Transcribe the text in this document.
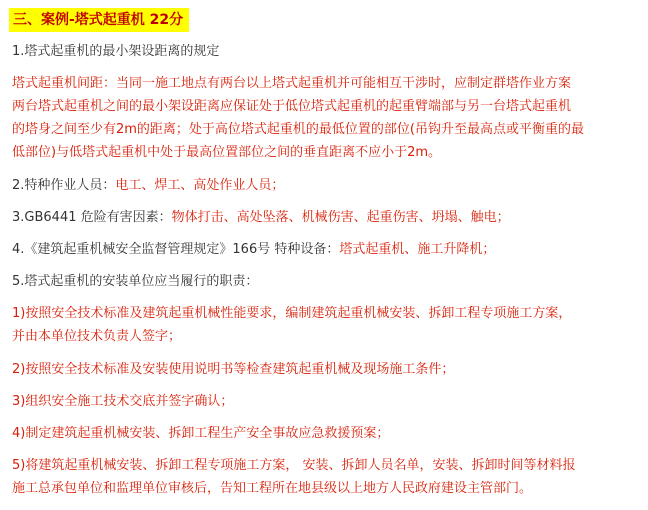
三、案例-塔式起重机 22分
1.塔式起重机的最小架设距离的规定
塔式起重机间距：当同一施工地点有两台以上塔式起重机并可能相互干涉时，应制定群塔作业方案
两台塔式起重机之间的最小架设距离应保证处于低位塔式起重机的起重臂端部与另一台塔式起重机
的塔身之间至少有2m的距离；处于高位塔式起重机的最低位置的部位(吊钩升至最高点或平衡重的最
低部位)与低塔式起重机中处于最高位置部位之间的垂直距离不应小于2m。
2.特种作业人员：电工、焊工、高处作业人员；
3.GB6441 危险有害因素：物体打击、高处坠落、机械伤害、起重伤害、坍塌、触电；
4.《建筑起重机械安全监督管理规定》166号 特种设备：塔式起重机、施工升降机；
5.塔式起重机的安装单位应当履行的职责：
1)按照安全技术标准及建筑起重机械性能要求，编制建筑起重机械安装、拆卸工程专项施工方案，
并由本单位技术负责人签字；
2)按照安全技术标准及安装使用说明书等检查建筑起重机械及现场施工条件；
3)组织安全施工技术交底并签字确认；
4)制定建筑起重机械安装、拆卸工程生产安全事故应急救援预案；
5)将建筑起重机械安装、拆卸工程专项施工方案， 安装、拆卸人员名单，安装、拆卸时间等材料报
施工总承包单位和监理单位审核后，告知工程所在地县级以上地方人民政府建设主管部门。
